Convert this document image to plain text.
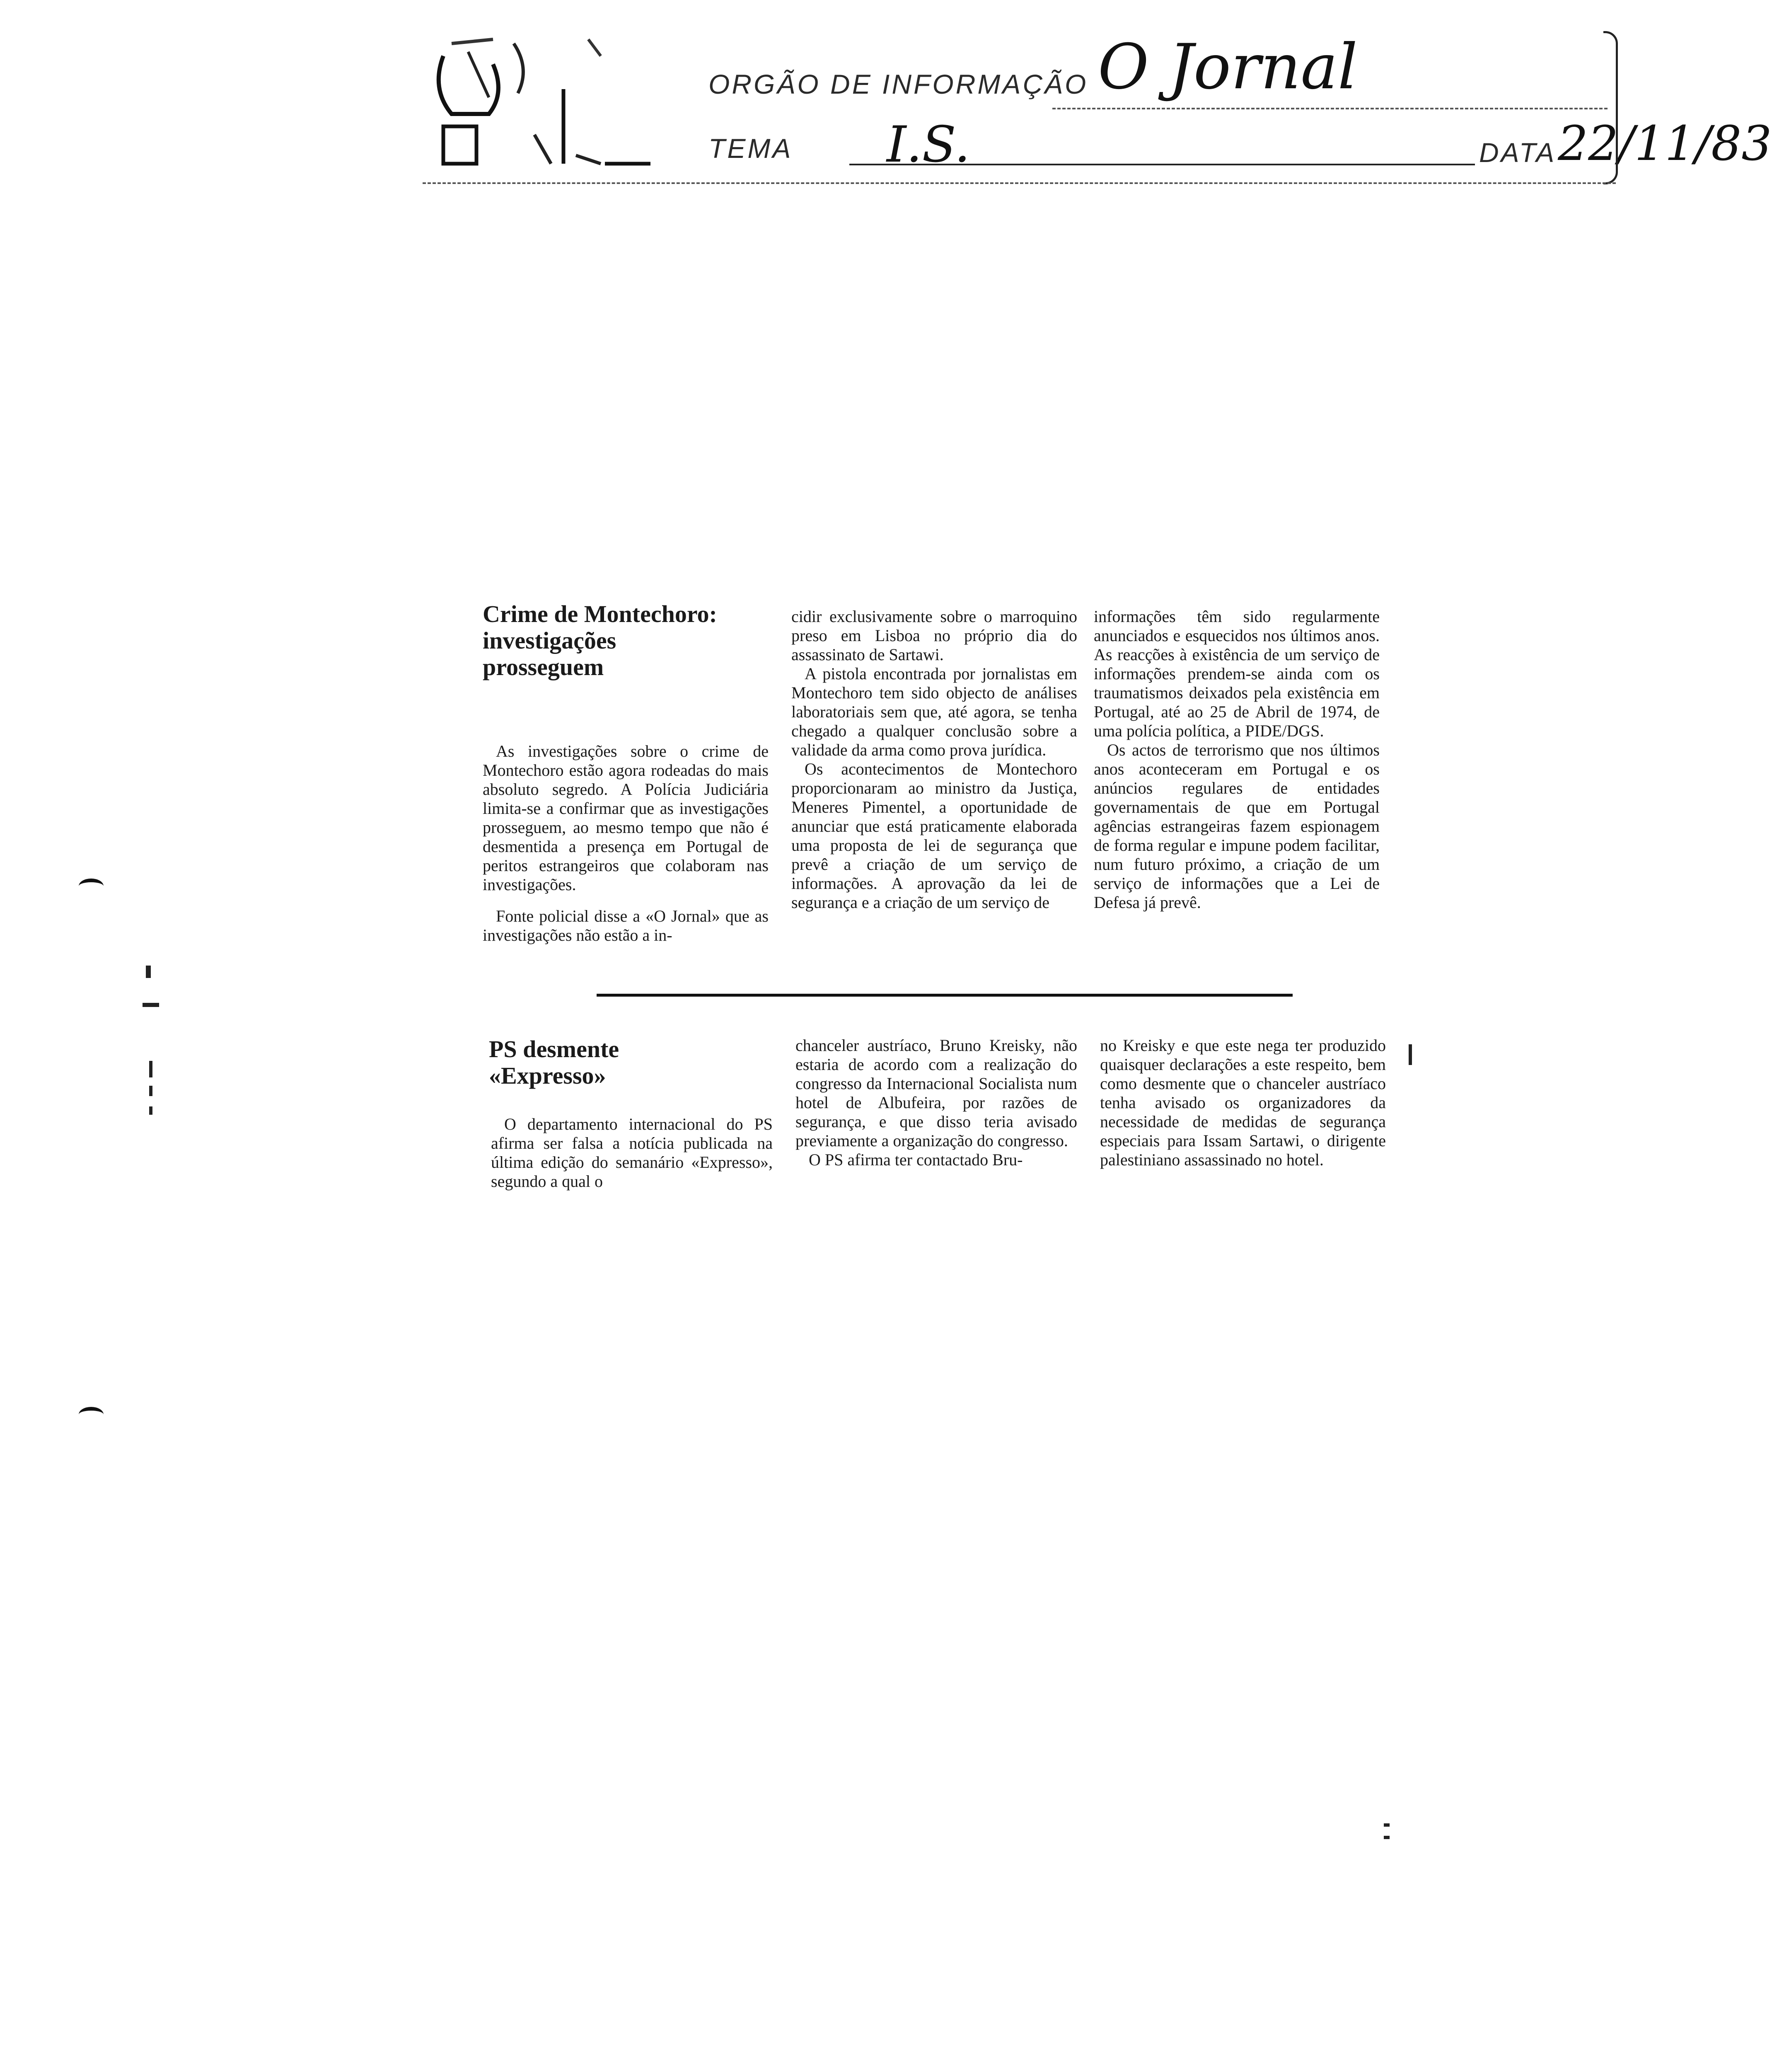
ORGÃO DE INFORMAÇÃO O Jornal
TEMA I.S.	DATA 22/11/83

Crime de Montechoro:

investigações

prosseguem

As investigações sobre o crime de Montechoro estão agora rodeadas do mais absoluto segredo. A Polícia Judiciária limita-se a confirmar que as investigações prosseguem, ao mesmo tempo que não é desmentida a presença em Portugal de peritos estrangeiros que colaboram nas investigações.

Fonte policial disse a «O Jornal» que as investigações não estão a in-

cidir exclusivamente sobre o marroquino preso em Lisboa no próprio dia do assassinato de Sartawi.

A pistola encontrada por jornalistas em Montechoro tem sido objecto de análises laboratoriais sem que, até agora, se tenha chegado a qualquer conclusão sobre a validade da arma como prova jurídica.

Os acontecimentos de Montechoro proporcionaram ao ministro da Justiça, Meneres Pimentel, a oportunidade de anunciar que está praticamente elaborada uma proposta de lei de segurança que prevê a criação de um serviço de informações. A aprovação da lei de segurança e a criação de um serviço de

informações têm sido regularmente anunciados e esquecidos nos últimos anos. As reacções à existência de um serviço de informações prendem-se ainda com os traumatismos deixados pela existência em Portugal, até ao 25 de Abril de 1974, de uma polícia política, a PIDE/DGS.

Os actos de terrorismo que nos últimos anos aconteceram em Portugal e os anúncios regulares de entidades governamentais de que em Portugal agências estrangeiras fazem espionagem de forma regular e impune podem facilitar, num futuro próximo, a criação de um serviço de informações que a Lei de Defesa já prevê.

PS desmente

«Expresso»

O departamento internacional do PS afirma ser falsa a notícia publicada na última edição do semanário «Expresso», segundo a qual o

chanceler austríaco, Bruno Kreisky, não estaria de acordo com a realização do congresso da Internacional Socialista num hotel de Albufeira, por razões de segurança, e que disso teria avisado previamente a organização do congresso.

O PS afirma ter contactado Bru-

no Kreisky e que este nega ter produzido quaisquer declarações a este respeito, bem como desmente que o chanceler austríaco tenha avisado os organizadores da necessidade de medidas de segurança especiais para Issam Sartawi, o dirigente palestiniano assassinado no hotel.
